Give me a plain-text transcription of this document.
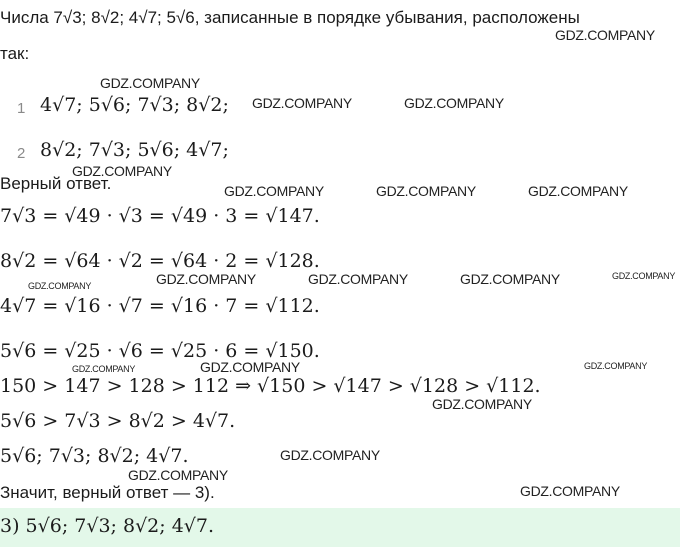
Числа 7√3; 8√2; 4√7; 5√6, записанные в порядке убывания, расположены
так:
1 4√7; 5√6; 7√3; 8√2;
2 8√2; 7√3; 5√6; 4√7;
Верный ответ.
7√3 = √49 · √3 = √49 · 3 = √147.
8√2 = √64 · √2 = √64 · 2 = √128.
4√7 = √16 · √7 = √16 · 7 = √112.
5√6 = √25 · √6 = √25 · 6 = √150.
150 > 147 > 128 > 112 ⇒ √150 > √147 > √128 > √112.
5√6 > 7√3 > 8√2 > 4√7.
5√6; 7√3; 8√2; 4√7.
Значит, верный ответ — 3).
3) 5√6; 7√3; 8√2; 4√7.
GDZ.COMPANY
GDZ.COMPANY
GDZ.COMPANY	GDZ.COMPANY
GDZ.COMPANY
GDZ.COMPANY	GDZ.COMPANY	GDZ.COMPANY
GDZ.COMPANY	GDZ.COMPANY	GDZ.COMPANY	GDZ.COMPANY
GDZ.COMPANY
GDZ.COMPANY	GDZ.COMPANY	GDZ.COMPANY
GDZ.COMPANY
GDZ.COMPANY
GDZ.COMPANY
GDZ.COMPANY
